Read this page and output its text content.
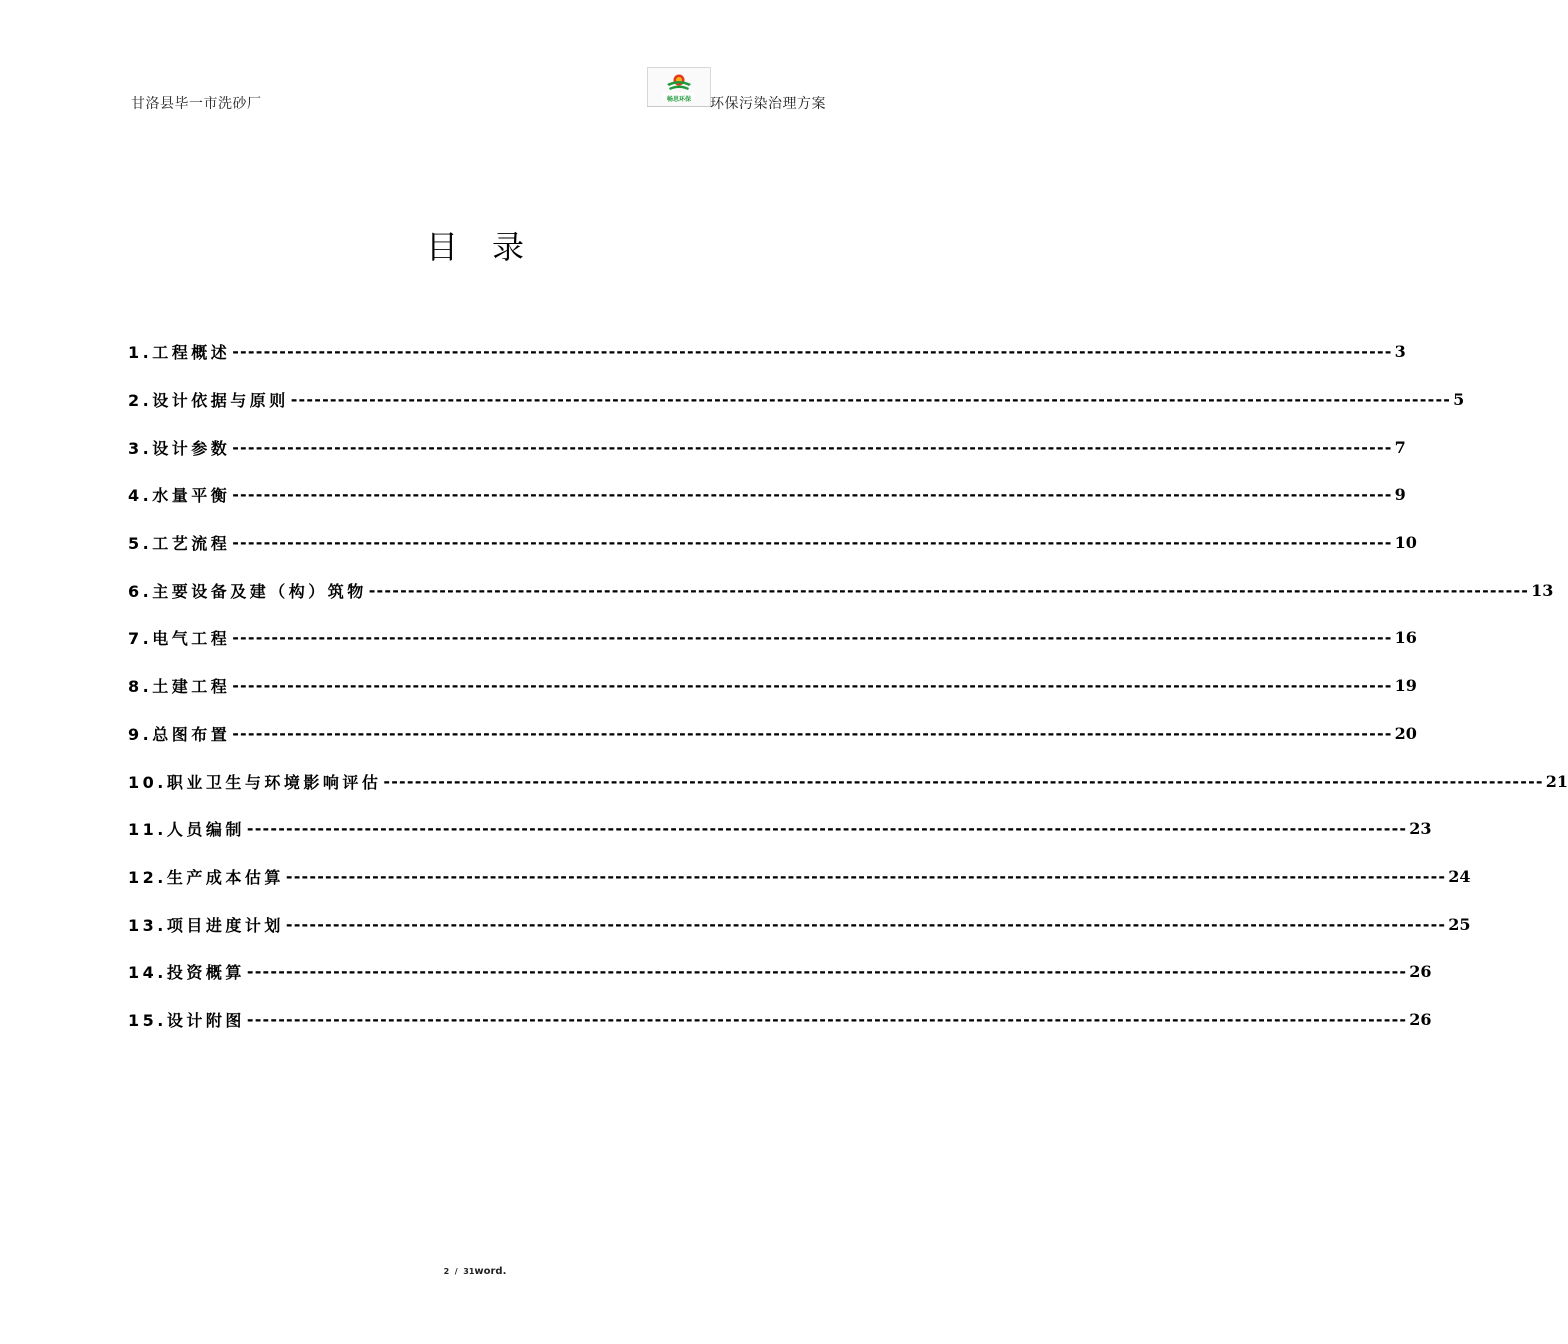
甘洛县毕一市洗砂厂	畅思环保 环保污染治理方案
目录
1.工程概述 ---------------------------------------------------------------------------------------------------------------------------------------------------- 3
2.设计依据与原则 ---------------------------------------------------------------------------------------------------------------------------------------------------- 5
3.设计参数 ---------------------------------------------------------------------------------------------------------------------------------------------------- 7
4.水量平衡 ---------------------------------------------------------------------------------------------------------------------------------------------------- 9
5.工艺流程 ---------------------------------------------------------------------------------------------------------------------------------------------------- 10
6.主要设备及建（构）筑物 ---------------------------------------------------------------------------------------------------------------------------------------------------- 13
7.电气工程 ---------------------------------------------------------------------------------------------------------------------------------------------------- 16
8.土建工程 ---------------------------------------------------------------------------------------------------------------------------------------------------- 19
9.总图布置 ---------------------------------------------------------------------------------------------------------------------------------------------------- 20
10.职业卫生与环境影响评估 ---------------------------------------------------------------------------------------------------------------------------------------------------- 21
11.人员编制 ---------------------------------------------------------------------------------------------------------------------------------------------------- 23
12.生产成本估算 ---------------------------------------------------------------------------------------------------------------------------------------------------- 24
13.项目进度计划 ---------------------------------------------------------------------------------------------------------------------------------------------------- 25
14.投资概算 ---------------------------------------------------------------------------------------------------------------------------------------------------- 26
15.设计附图 ---------------------------------------------------------------------------------------------------------------------------------------------------- 26
2 / 31word.
